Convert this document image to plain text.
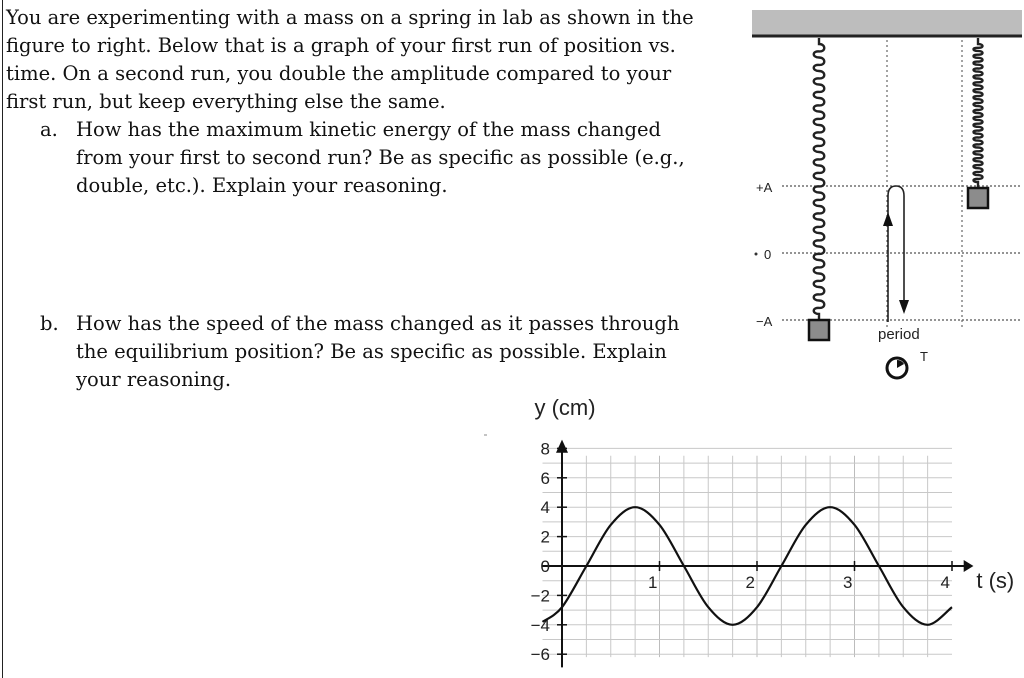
You are experimenting with a mass on a spring in lab as shown in the
figure to right. Below that is a graph of your first run of position vs.
time. On a second run, you double the amplitude compared to your
first run, but keep everything else the same.
a. How has the maximum kinetic energy of the mass changed
from your first to second run? Be as specific as possible (e.g.,
double, etc.). Explain your reasoning.
b. How has the speed of the mass changed as it passes through
the equilibrium position? Be as specific as possible. Explain
your reasoning.
+A
0
−A
period
T
8
6
4
2
0
−2
−4
−6
1	2	3	4
y (cm)
t (s)
